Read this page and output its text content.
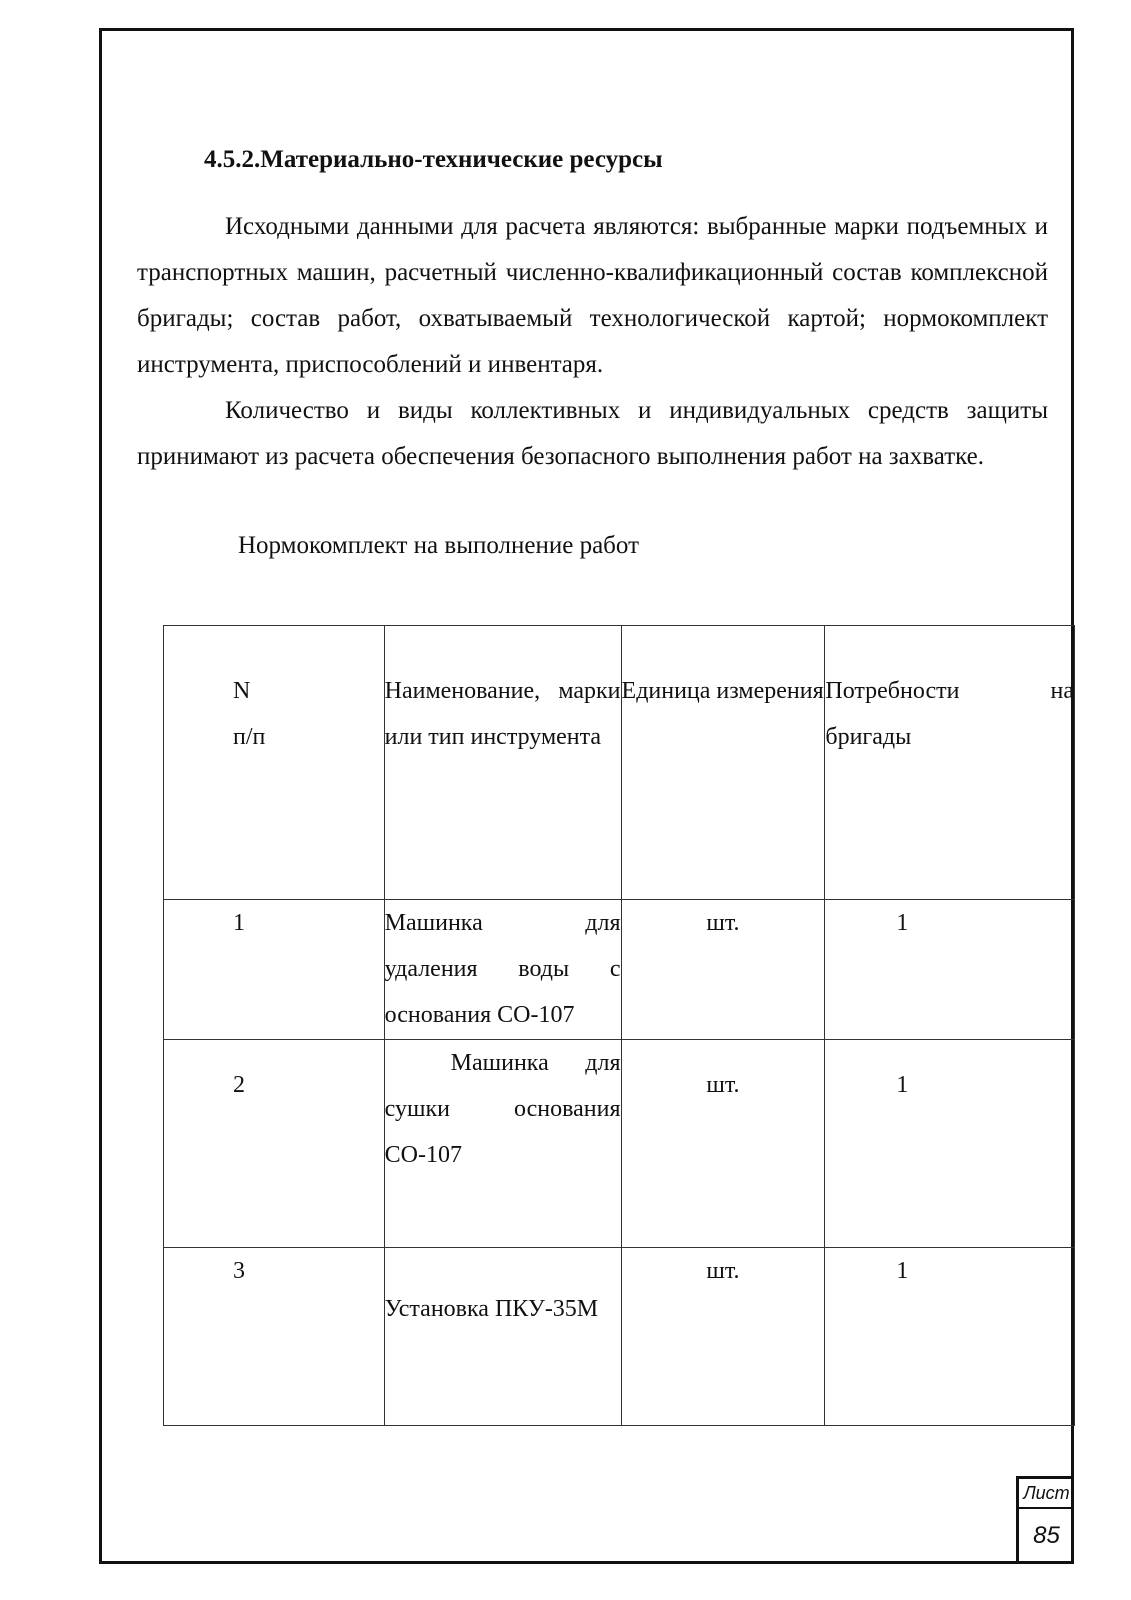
4.5.2.Материально-технические ресурсы

Исходными данными для расчета являются: выбранные марки подъемных и транспортных машин, расчетный численно-квалификационный состав комплексной бригады; состав работ, охватываемый технологической картой; нормокомплект инструмента, приспособлений и инвентаря.

Количество и виды коллективных и индивидуальных средств защиты принимают из расчета обеспечения безопасного выполнения работ на захватке.

Нормокомплект на выполнение работ
N п/п	Наименование, марки или тип инструмента	Единица измерения	Потребности на бригады
1	Машинка для удаления воды с основания СО-107	шт.	1
2	Машинка для сушки основания СО-107	шт.	1
3	Установка ПКУ-35М	шт.	1
Лист
85
